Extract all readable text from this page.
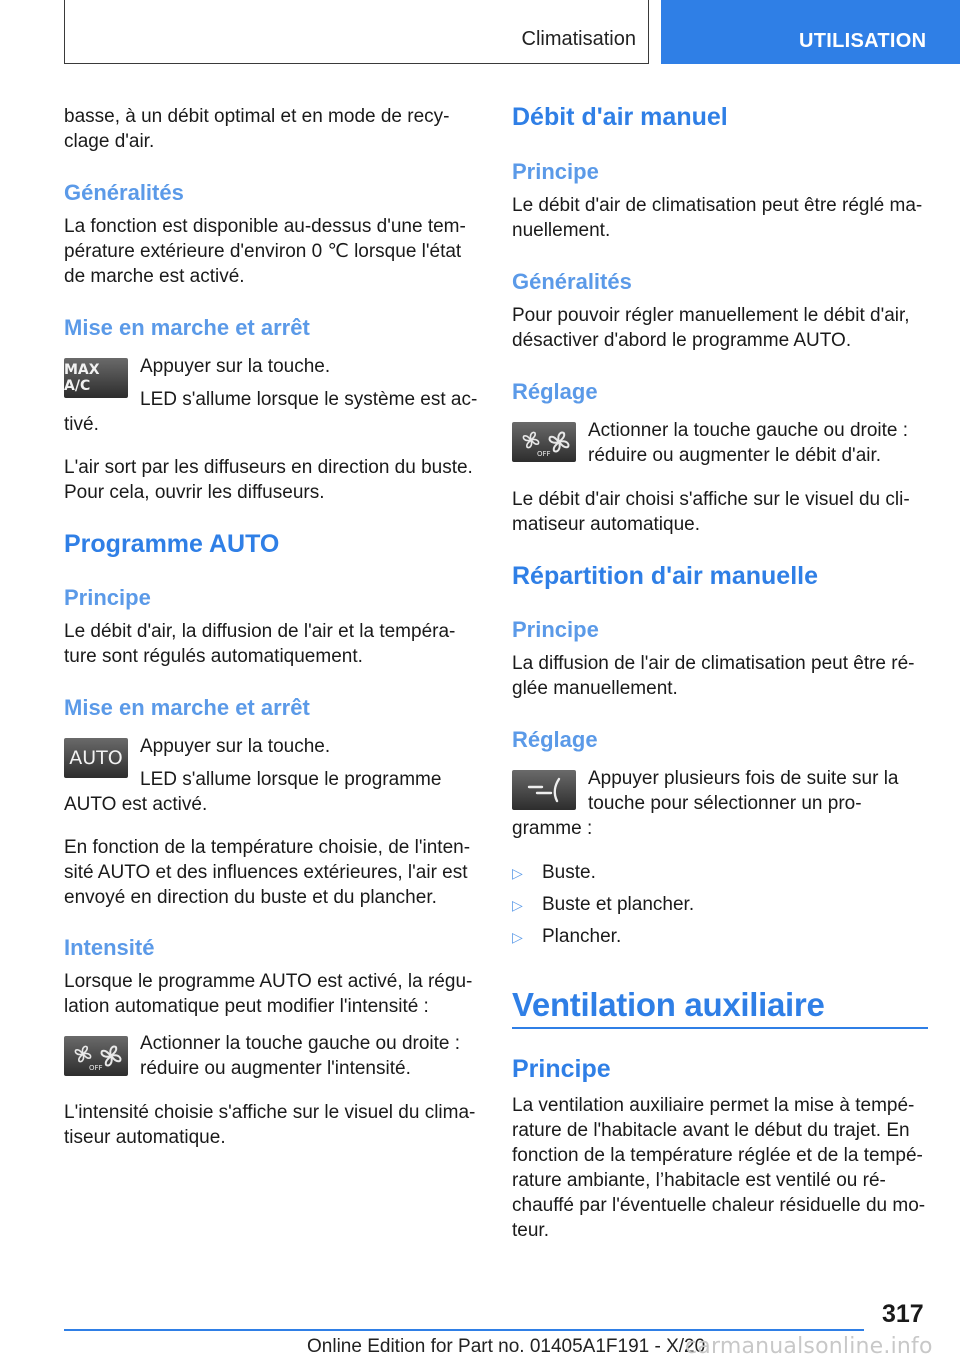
Climatisation	UTILISATION

basse, à un débit optimal et en mode de recy-clage d'air.

Généralités

La fonction est disponible au-dessus d'une tem-pérature extérieure d'environ 0 ℃ lorsque l'état de marche est activé.

Mise en marche et arrêt
MAX A/C

Appuyer sur la touche.

LED s'allume lorsque le système est ac-tivé.

L'air sort par les diffuseurs en direction du buste. Pour cela, ouvrir les diffuseurs.

Programme AUTO
Principe

Le débit d'air, la diffusion de l'air et la tempéra-ture sont régulés automatiquement.

Mise en marche et arrêt
AUTO

Appuyer sur la touche.

LED s'allume lorsque le programme AUTO est activé.

En fonction de la température choisie, de l'inten-sité AUTO et des influences extérieures, l'air est envoyé en direction du buste et du plancher.

Intensité

Lorsque le programme AUTO est activé, la régu-lation automatique peut modifier l'intensité :

OFF

Actionner la touche gauche ou droite : réduire ou augmenter l'intensité.

L'intensité choisie s'affiche sur le visuel du clima-tiseur automatique.

Débit d'air manuel
Principe

Le débit d'air de climatisation peut être réglé ma-nuellement.

Généralités

Pour pouvoir régler manuellement le débit d'air, désactiver d'abord le programme AUTO.

Réglage
OFF

Actionner la touche gauche ou droite : réduire ou augmenter le débit d'air.

Le débit d'air choisi s'affiche sur le visuel du cli-matiseur automatique.

Répartition d'air manuelle
Principe

La diffusion de l'air de climatisation peut être ré-glée manuellement.

Réglage

Appuyer plusieurs fois de suite sur la

touche pour sélectionner un pro-

gramme :

▷ Buste.
▷ Buste et plancher.
▷ Plancher.
Ventilation auxiliaire
Principe

La ventilation auxiliaire permet la mise à tempé-rature de l'habitacle avant le début du trajet. En fonction de la température réglée et de la tempé-rature ambiante, l’habitacle est ventilé ou ré-chauffé par l'éventuelle chaleur résiduelle du mo-teur.

317
Online Edition for Part no. 01405A1F191 - X/20
carmanualsonline.info
